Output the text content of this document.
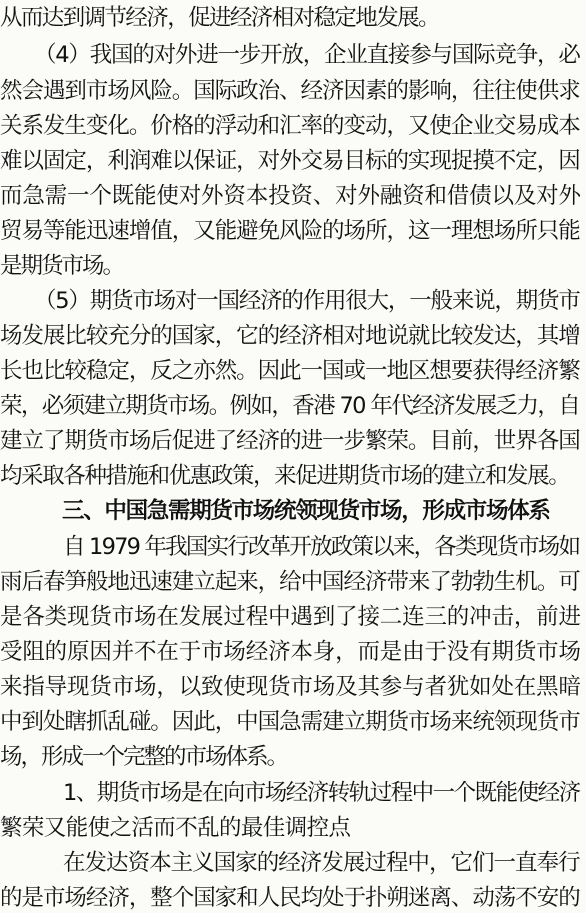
从而达到调节经济，促进经济相对稳定地发展。
（4）我国的对外进一步开放，企业直接参与国际竞争，必
然会遇到市场风险。国际政治、经济因素的影响，往往使供求
关系发生变化。价格的浮动和汇率的变动，又使企业交易成本
难以固定，利润难以保证，对外交易目标的实现捉摸不定，因
而急需一个既能使对外资本投资、对外融资和借债以及对外
贸易等能迅速增值，又能避免风险的场所，这一理想场所只能
是期货市场。
（5）期货市场对一国经济的作用很大，一般来说，期货市
场发展比较充分的国家，它的经济相对地说就比较发达，其增
长也比较稳定，反之亦然。因此一国或一地区想要获得经济繁
荣，必须建立期货市场。例如，香港 70 年代经济发展乏力，自
建立了期货市场后促进了经济的进一步繁荣。目前，世界各国
均采取各种措施和优惠政策，来促进期货市场的建立和发展。
三、中国急需期货市场统领现货市场，形成市场体系
自 1979 年我国实行改革开放政策以来，各类现货市场如
雨后春笋般地迅速建立起来，给中国经济带来了勃勃生机。可
是各类现货市场在发展过程中遇到了接二连三的冲击，前进
受阻的原因并不在于市场经济本身，而是由于没有期货市场
来指导现货市场，以致使现货市场及其参与者犹如处在黑暗
中到处瞎抓乱碰。因此，中国急需建立期货市场来统领现货市
场，形成一个完整的市场体系。
1、期货市场是在向市场经济转轨过程中一个既能使经济
繁荣又能使之活而不乱的最佳调控点
在发达资本主义国家的经济发展过程中，它们一直奉行
的是市场经济，整个国家和人民均处于扑朔迷离、动荡不安的
